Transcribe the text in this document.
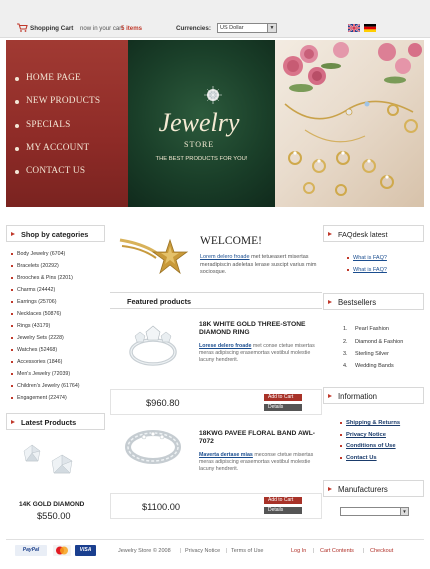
Shopping Cart now in your cart
5 items	Currencies:	US Dollar	▼
HOME PAGE
NEW PRODUCTS
SPECIALS
MY ACCOUNT
CONTACT US
Jewelry
STORE
THE BEST PRODUCTS FOR YOU!
Shop by categories
Body Jewelry (6704)
Bracelets (20292)
Brooches & Pins (2201)
Charms (24442)
Earrings (25706)
Necklaces (50876)
Rings (43179)
Jewelry Sets (2228)
Watches (52468)
Accessories (1846)
Men's Jewelry (72039)
Children's Jewelry (61764)
Engagement (22474)
Latest Products
14K GOLD DIAMOND
$550.00
WELCOME!
Lorem delero froade met tetueasert misertas meradipiscin adeletas lerase suscipt varius mim sociosque.
Featured products
18K WHITE GOLD THREE-STONE DIAMOND RING
Lorese delero froade met conse ctetue misertas meras adipiscing erasemortas vestibul molestie lacuny hendrerit.
$960.80
Add to Cart
Details
18KWG PAVEE FLORAL BAND AWL-7072
Maverta dertase mias meconse ctetue misertas meras adipiscing erasemortas vestibul molestie lacuny hendrerit.
$1100.00
Add to Cart
Details
FAQdesk latest
What is FAQ?
What is FAQ?
Bestsellers
1. Pearl Fashion
2. Diamond & Fashion
3. Sterling Silver
4. Wedding Bands
Information
Shipping & Returns
Privacy Notice
Conditions of Use
Contact Us
Manufacturers
▼
PayPal	VISA	Jewelry Store © 2008 | Privacy Notice | Terms of Use	Log In | Cart Contents | Checkout
